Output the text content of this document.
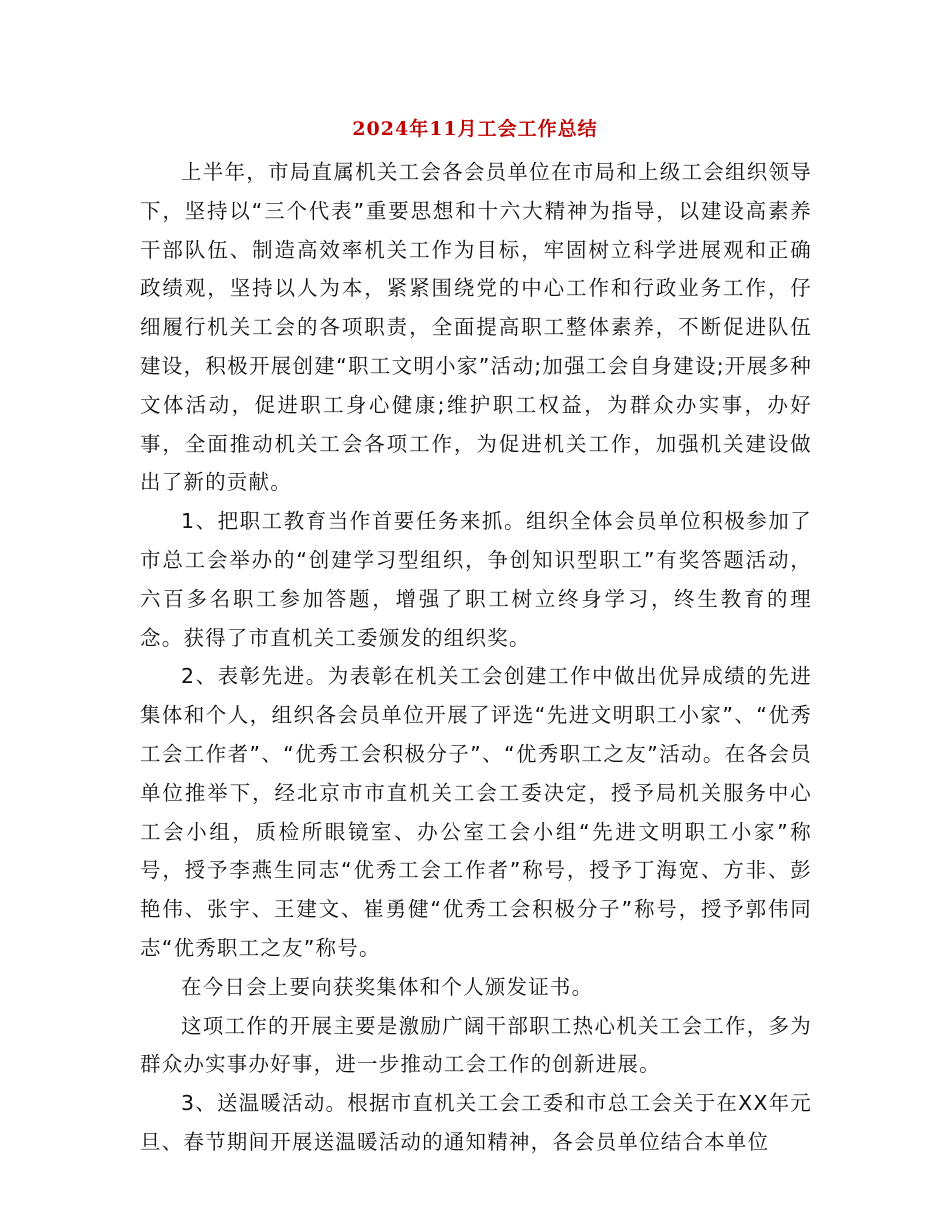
2024年11月工会工作总结

上半年，市局直属机关工会各会员单位在市局和上级工会组织领导下，坚持以“三个代表”重要思想和十六大精神为指导，以建设高素养干部队伍、制造高效率机关工作为目标，牢固树立科学进展观和正确政绩观，坚持以人为本，紧紧围绕党的中心工作和行政业务工作，仔细履行机关工会的各项职责，全面提高职工整体素养，不断促进队伍建设，积极开展创建“职工文明小家”活动;加强工会自身建设;开展多种文体活动，促进职工身心健康;维护职工权益，为群众办实事，办好事，全面推动机关工会各项工作，为促进机关工作，加强机关建设做出了新的贡献。

1、把职工教育当作首要任务来抓。组织全体会员单位积极参加了市总工会举办的“创建学习型组织，争创知识型职工”有奖答题活动，六百多名职工参加答题，增强了职工树立终身学习，终生教育的理念。获得了市直机关工委颁发的组织奖。

2、表彰先进。为表彰在机关工会创建工作中做出优异成绩的先进集体和个人，组织各会员单位开展了评选“先进文明职工小家”、“优秀工会工作者”、“优秀工会积极分子”、“优秀职工之友”活动。在各会员单位推举下，经北京市市直机关工会工委决定，授予局机关服务中心工会小组，质检所眼镜室、办公室工会小组“先进文明职工小家”称号，授予李燕生同志“优秀工会工作者”称号，授予丁海宽、方非、彭艳伟、张宇、王建文、崔勇健“优秀工会积极分子”称号，授予郭伟同志“优秀职工之友”称号。

在今日会上要向获奖集体和个人颁发证书。

这项工作的开展主要是激励广阔干部职工热心机关工会工作，多为群众办实事办好事，进一步推动工会工作的创新进展。

3、送温暖活动。根据市直机关工会工委和市总工会关于在XX年元旦、春节期间开展送温暖活动的通知精神，各会员单位结合本单位
